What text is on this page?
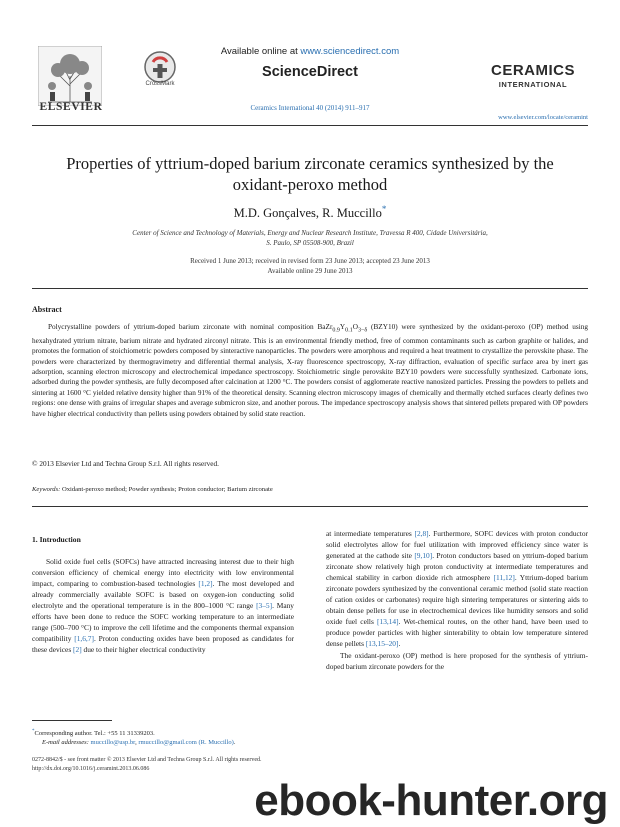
ELSEVIER
CrossMark
Available online at www.sciencedirect.com
ScienceDirect
Ceramics International 40 (2014) 911–917
CERAMICS
INTERNATIONAL
www.elsevier.com/locate/ceramint
Properties of yttrium-doped barium zirconate ceramics synthesized by the oxidant-peroxo method
M.D. Gonçalves, R. Muccillo*
Center of Science and Technology of Materials, Energy and Nuclear Research Institute, Travessa R 400, Cidade Universitária,
S. Paulo, SP 05508-900, Brazil
Received 1 June 2013; received in revised form 23 June 2013; accepted 23 June 2013
Available online 29 June 2013
Abstract
Polycrystalline powders of yttrium-doped barium zirconate with nominal composition $BaZr_{0.9}Y_{0.1}O_{3-\delta}$ (BZY10) were synthesized by the oxidant-peroxo (OP) method using hexahydrated yttrium nitrate, barium nitrate and hydrated zirconyl nitrate. This is an environmental friendly method, free of common contaminants such as carbon graphite or halides, and promotes the formation of stoichiometric powders composed by sinteractive nanoparticles. The powders were amorphous and required a heat treatment to crystallize the perovskite phase. The powders were characterized by thermogravimetry and differential thermal analysis, X-ray fluorescence spectroscopy, X-ray diffraction, evaluation of specific surface area by inert gas adsorption, scanning electron microscopy and electrochemical impedance spectroscopy. Stoichiometric single perovskite BZY10 powders were successfully synthesized. Carbonate ions, adsorbed during the powder synthesis, are fully decomposed after calcination at 1200 °C. The powders consist of agglomerate reactive nanosized particles. Pressing the powders to pellets and sintering at 1600 °C yielded relative density higher than 91% of the theoretical density. Scanning electron microscopy images of chemically and thermally etched surfaces clearly defines two regions: one dense with grains of irregular shapes and average submicron size, and another porous. The impedance spectroscopy analysis shows that sintered pellets prepared with OP powders have higher electrical conductivity than pellets using powders obtained by solid state reaction.
© 2013 Elsevier Ltd and Techna Group S.r.l. All rights reserved.
Keywords: Oxidant-peroxo method; Powder synthesis; Proton conductor; Barium zirconate
1. Introduction

Solid oxide fuel cells (SOFCs) have attracted increasing interest due to their high conversion efficiency of chemical energy into electricity with low environmental impact, comparing to combustion-based technologies [1,2]. The most developed and already commercially available SOFC is based on oxygen-ion conducting solid electrolyte and the operational temperature is in the 800–1000 °C range [3–5]. Many efforts have been done to reduce the SOFC working temperature to an intermediate range (500–700 °C) to improve the cell lifetime and the components thermal expansion compatibility [1,6,7]. Proton conducting oxides have been proposed as candidates for these devices [2] due to their higher electrical conductivity

at intermediate temperatures [2,8]. Furthermore, SOFC devices with proton conductor solid electrolytes allow for fuel utilization with improved efficiency since water is generated at the cathode site [9,10]. Proton conductors based on yttrium-doped barium zirconate show relatively high proton conductivity at intermediate temperatures and chemical stability in carbon dioxide rich atmosphere [11,12]. Yttrium-doped barium zirconate powders synthesized by the conventional ceramic method (solid state reaction of cation oxides or carbonates) require high sintering temperatures or sintering aids to obtain dense pellets for use in electrochemical devices like humidity sensors and solid oxide fuel cells [13,14]. Wet-chemical routes, on the other hand, have been used to produce powder particles with higher sinterability to obtain low temperature sintered dense pellets [13,15–20].

The oxidant-peroxo (OP) method is here proposed for the synthesis of yttrium-doped barium zirconate powders for the

*Corresponding author. Tel.: +55 11 31339203.
E-mail addresses: muccillo@usp.br, rmuccillo@gmail.com (R. Muccillo).
0272-8842/$ - see front matter © 2013 Elsevier Ltd and Techna Group S.r.l. All rights reserved.
http://dx.doi.org/10.1016/j.ceramint.2013.06.086
ebook-hunter.org
